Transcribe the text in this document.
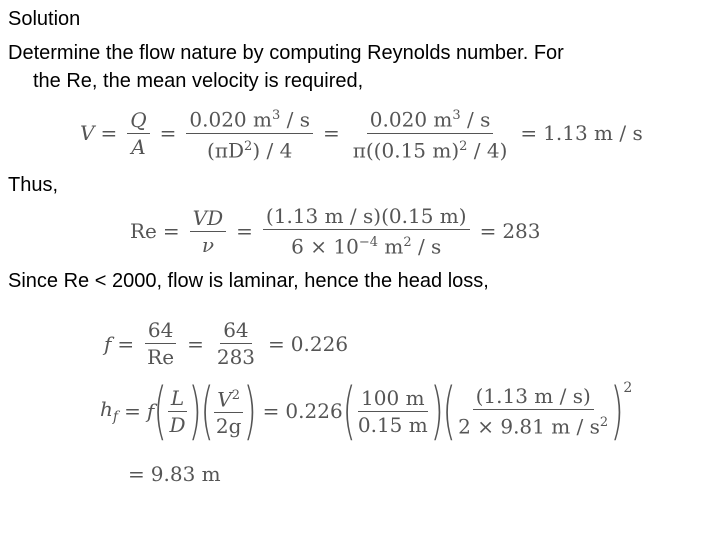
Solution
Determine the flow nature by computing Reynolds number. For
the Re, the mean velocity is required,
$V = \frac{Q}{A} = \frac{0.020 m^3 / s}{(\pi D^2) / 4} = \frac{0.020 m^3 / s}{\pi((0.15 m)^2 / 4)} = 1.13$ m / s
Thus,
$Re = \frac{VD}{\nu} = \frac{(1.13 m / s)(0.15 m)}{6 \times 10^{-4} m^2 / s} = 283$
Since Re < 2000, flow is laminar, hence the head loss,
$f = \frac{64}{Re} = \frac{64}{283} = 0.226$
$h_f = f$ ( $\frac{L}{D}$ )
( $\frac{V^2}{2g}$ ) = 0.226 ( $\frac{100 m}{0.15 m}$ )
( $\frac{(1.13 m / s)}{2 \times 9.81 m / s^2}$ ) 2
= 9.83 m
